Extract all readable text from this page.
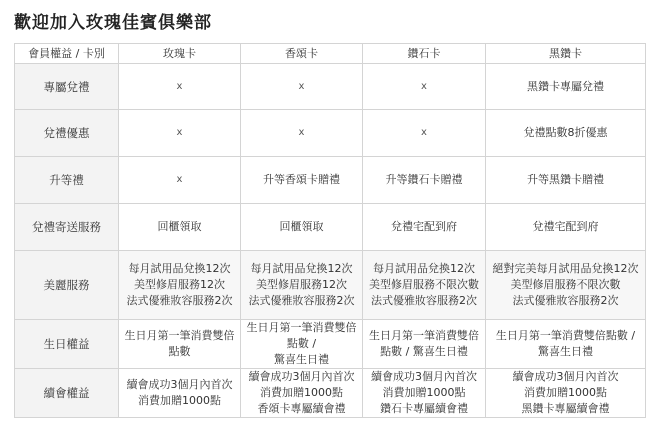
歡迎加入玫瑰佳賓俱樂部
會員權益 / 卡別	玫瑰卡	香頌卡	鑽石卡	黑鑽卡
專屬兌禮	x	x	x	黑鑽卡專屬兌禮
兌禮優惠	x	x	x	兌禮點數8折優惠
升等禮	x	升等香頌卡贈禮	升等鑽石卡贈禮	升等黑鑽卡贈禮
兌禮寄送服務	回櫃領取	回櫃領取	兌禮宅配到府	兌禮宅配到府
美麗服務	每月試用品兌換12次
美型修眉服務12次
法式優雅妝容服務2次	每月試用品兌換12次
美型修眉服務12次
法式優雅妝容服務2次	每月試用品兌換12次
美型修眉服務不限次數
法式優雅妝容服務2次	絕對完美每月試用品兌換12次
美型修眉服務不限次數
法式優雅妝容服務2次

生日權益	生日月第一筆消費雙倍點數	生日月第一筆消費雙倍點數 /
驚喜生日禮	生日月第一筆消費雙倍點數 / 驚喜生日禮	生日月第一筆消費雙倍點數 /
驚喜生日禮

續會權益	續會成功3個月內首次
消費加贈1000點	續會成功3個月內首次
消費加贈1000點
香頌卡專屬續會禮	續會成功3個月內首次
消費加贈1000點
鑽石卡專屬續會禮	續會成功3個月內首次
消費加贈1000點
黑鑽卡專屬續會禮
